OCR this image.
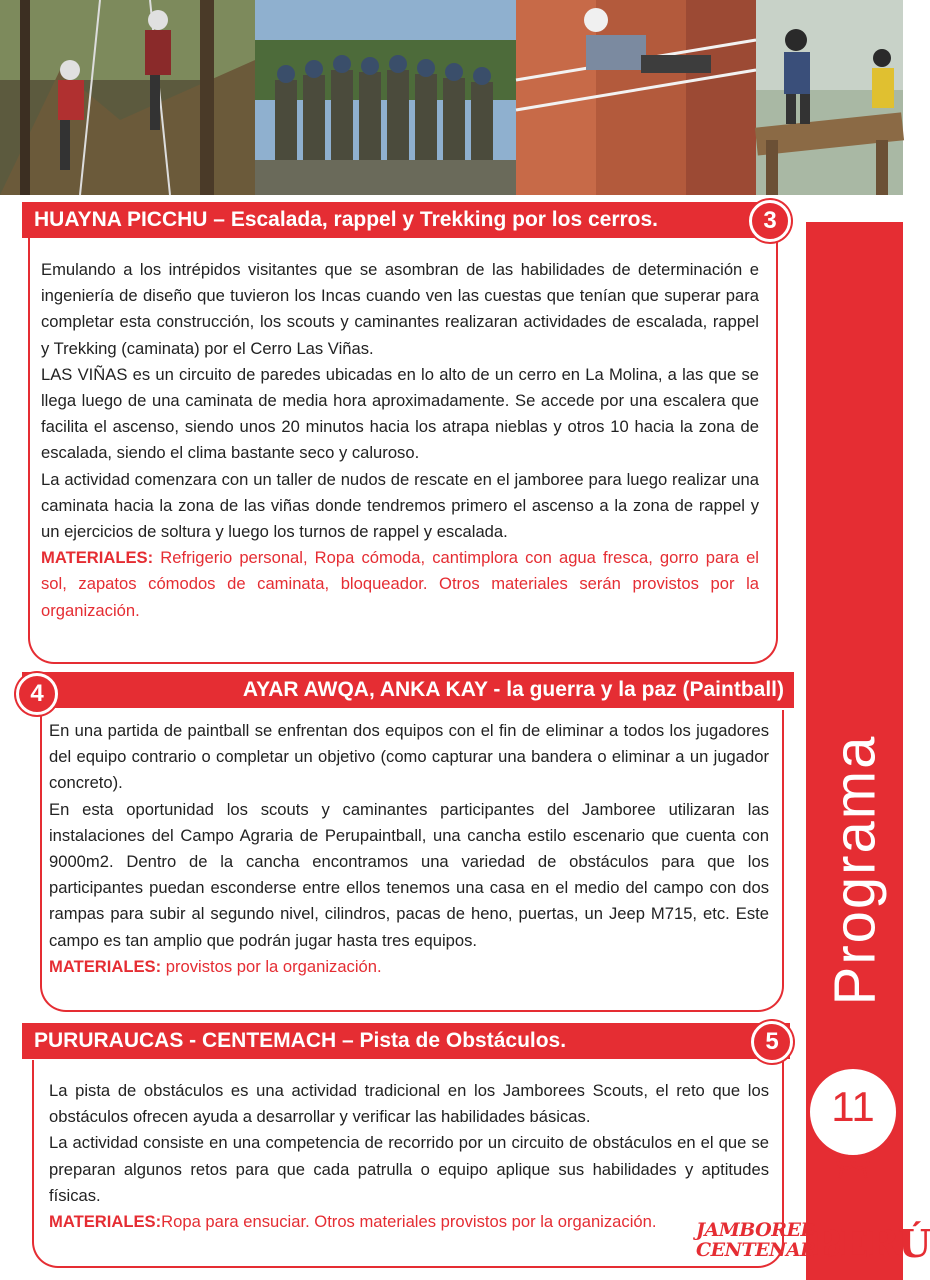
Programa
11
HUAYNA PICCHU – Escalada, rappel y Trekking por los cerros.	3

Emulando a los intrépidos visitantes que se asombran de las habilidades de determinación e ingeniería de diseño que tuvieron los Incas cuando ven las cuestas que tenían que superar para completar esta construcción, los scouts y caminantes realizaran actividades de escalada, rappel y Trekking (caminata) por el Cerro Las Viñas.

LAS VIÑAS es un circuito de paredes ubicadas en lo alto de un cerro en La Molina, a las que se llega luego de una caminata de media hora aproximadamente. Se accede por una escalera que facilita el ascenso, siendo unos 20 minutos hacia los atrapa nieblas y otros 10 hacia la zona de escalada, siendo el clima bastante seco y caluroso.

La actividad comenzara con un taller de nudos de rescate en el jamboree para luego realizar una caminata hacia la zona de las viñas donde tendremos primero el ascenso a la zona de rappel y un ejercicios de soltura y luego los turnos de rappel y escalada.

MATERIALES: Refrigerio personal, Ropa cómoda, cantimplora con agua fresca, gorro para el sol, zapatos cómodos de caminata, bloqueador. Otros materiales serán provistos por la organización.

AYAR AWQA, ANKA KAY - la guerra y la paz (Paintball)
4

En una partida de paintball se enfrentan dos equipos con el fin de eliminar a todos los jugadores del equipo contrario o completar un objetivo (como capturar una bandera o eliminar a un jugador concreto).

En esta oportunidad los scouts y caminantes participantes del Jamboree utilizaran las instalaciones del Campo Agraria de Perupaintball, una cancha estilo escenario que cuenta con 9000m2. Dentro de la cancha encontramos una variedad de obstáculos para que los participantes puedan esconderse entre ellos tenemos una casa en el medio del campo con dos rampas para subir al segundo nivel, cilindros, pacas de heno, puertas, un Jeep M715, etc. Este campo es tan amplio que podrán jugar hasta tres equipos.

MATERIALES: provistos por la organización.

PURURAUCAS - CENTEMACH – Pista de Obstáculos.	5

La pista de obstáculos es una actividad tradicional en los Jamborees Scouts, el reto que los obstáculos ofrecen ayuda a desarrollar y verificar las habilidades básicas.

La actividad consiste en una competencia de recorrido por un circuito de obstáculos en el que se preparan algunos retos para que cada patrulla o equipo aplique sus habilidades y aptitudes físicas.

MATERIALES:Ropa para ensuciar. Otros materiales provistos por la organización.	JAMBOREE
CENTENARIO
PERÚ
